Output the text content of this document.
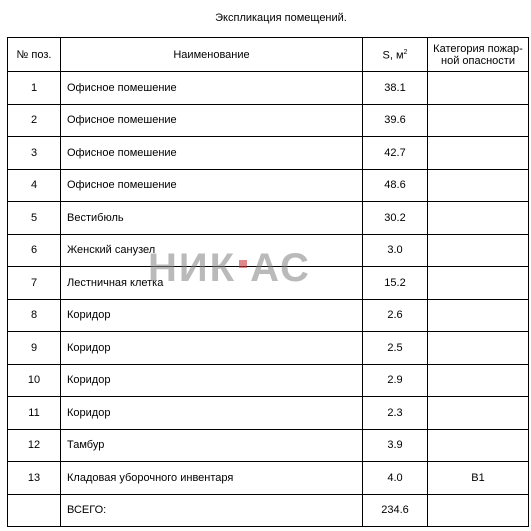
Экспликация помещений.
№ поз.	Наименование	S, $м^2$	Категория пожар-ной опасности
1	Офисное помешение	38.1	
2	Офисное помешение	39.6	
3	Офисное помешение	42.7	
4	Офисное помешение	48.6	
5	Вестибюль	30.2	
6	Женский санузел	3.0	
7	Лестничная клетка	15.2	
8	Коридор	2.6	
9	Коридор	2.5	
10	Коридор	2.9	
11	Коридор	2.3	
12	Тамбур	3.9	
13	Кладовая уборочного инвентаря	4.0	В1
	ВСЕГО:	234.6	
НИК АС
